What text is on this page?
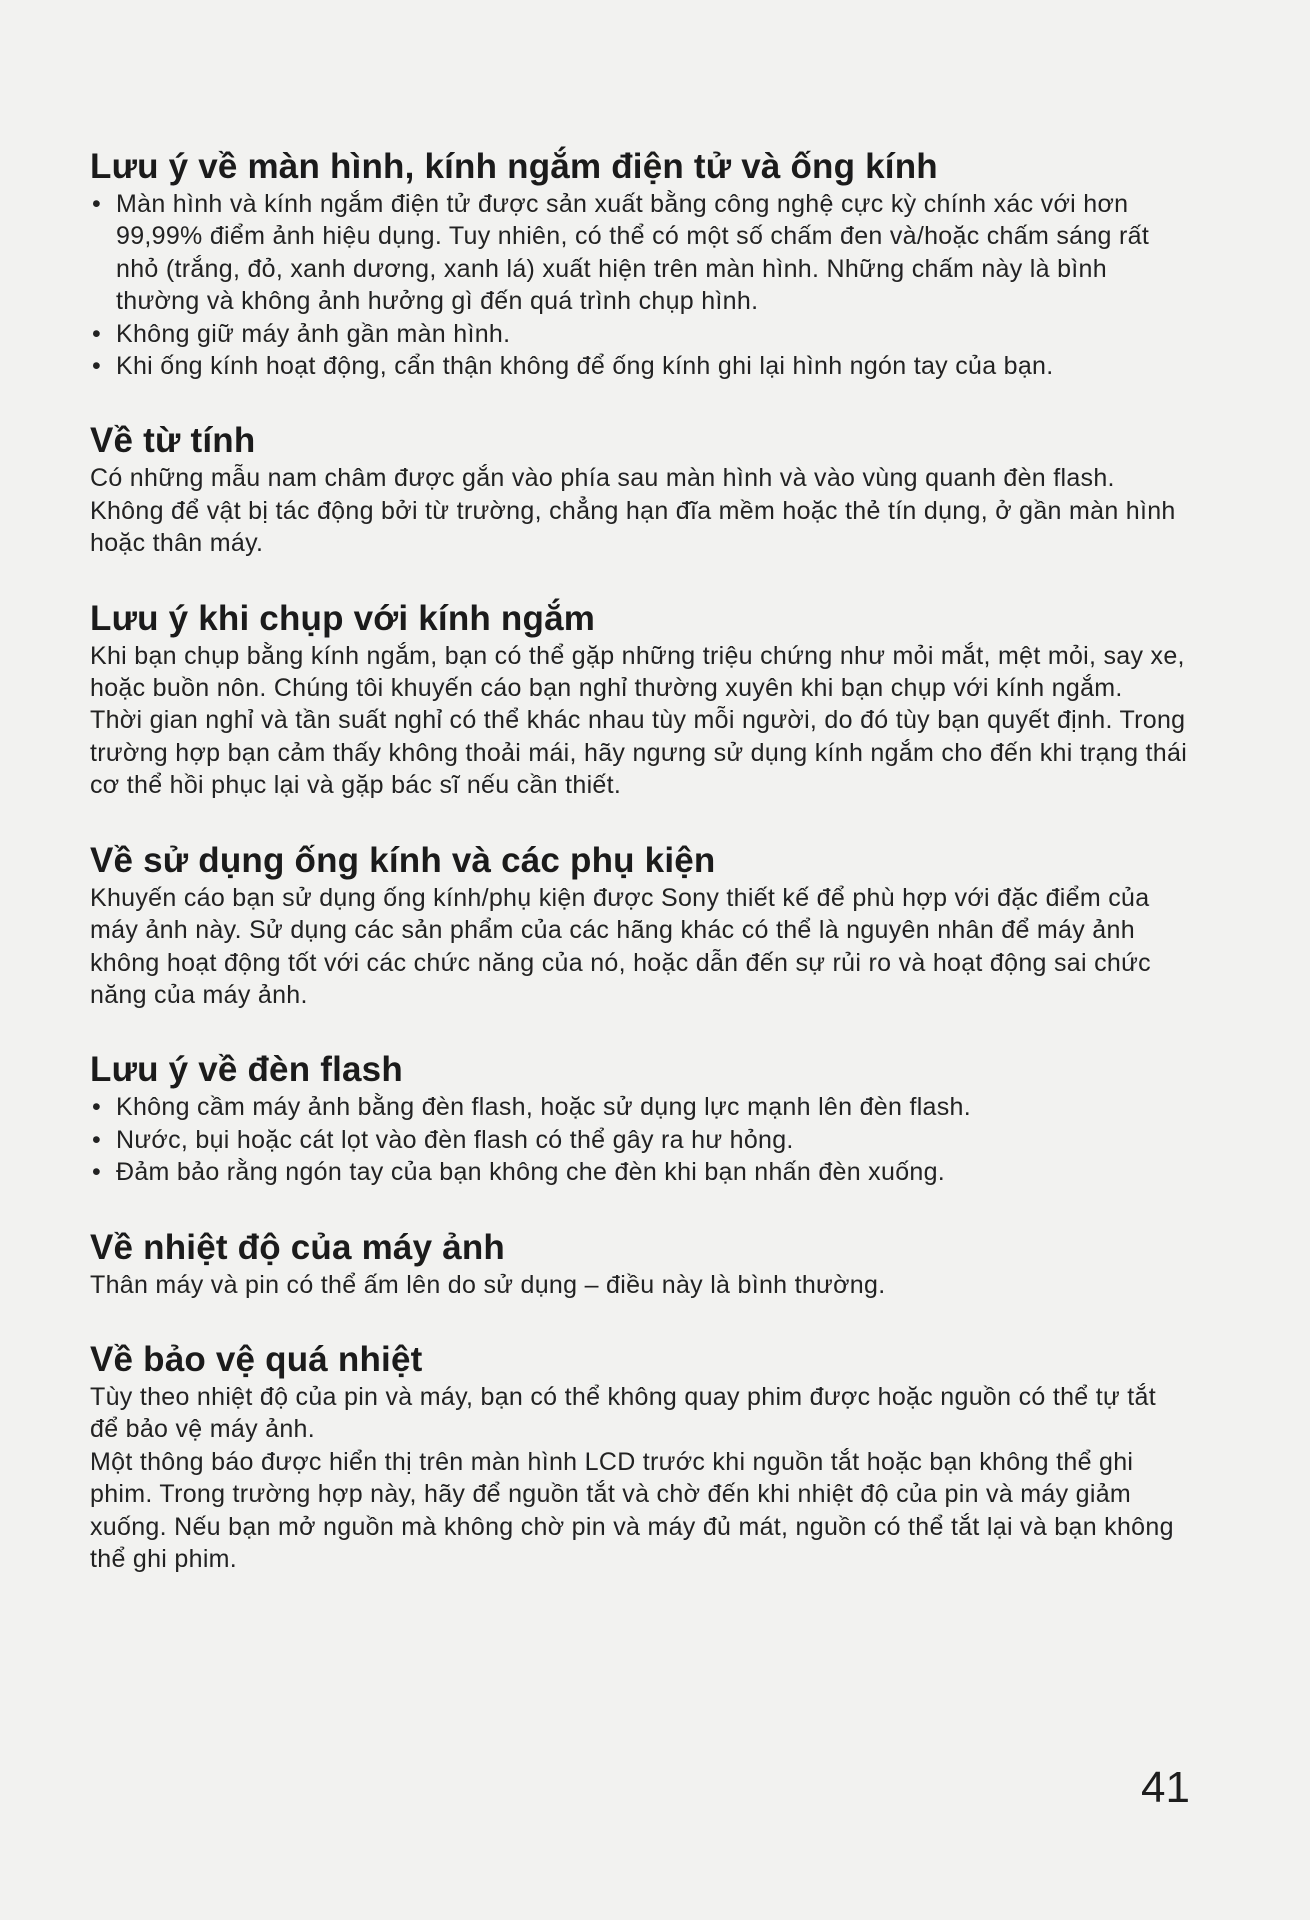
Lưu ý về màn hình, kính ngắm điện tử và ống kính
• Màn hình và kính ngắm điện tử được sản xuất bằng công nghệ cực kỳ chính xác với hơn 99,99% điểm ảnh hiệu dụng. Tuy nhiên, có thể có một số chấm đen và/hoặc chấm sáng rất nhỏ (trắng, đỏ, xanh dương, xanh lá) xuất hiện trên màn hình. Những chấm này là bình thường và không ảnh hưởng gì đến quá trình chụp hình.
• Không giữ máy ảnh gần màn hình.
• Khi ống kính hoạt động, cẩn thận không để ống kính ghi lại hình ngón tay của bạn.
Về từ tính

Có những mẫu nam châm được gắn vào phía sau màn hình và vào vùng quanh đèn flash. Không để vật bị tác động bởi từ trường, chẳng hạn đĩa mềm hoặc thẻ tín dụng, ở gần màn hình hoặc thân máy.

Lưu ý khi chụp với kính ngắm

Khi bạn chụp bằng kính ngắm, bạn có thể gặp những triệu chứng như mỏi mắt, mệt mỏi, say xe, hoặc buồn nôn. Chúng tôi khuyến cáo bạn nghỉ thường xuyên khi bạn chụp với kính ngắm.

Thời gian nghỉ và tần suất nghỉ có thể khác nhau tùy mỗi người, do đó tùy bạn quyết định. Trong trường hợp bạn cảm thấy không thoải mái, hãy ngưng sử dụng kính ngắm cho đến khi trạng thái cơ thể hồi phục lại và gặp bác sĩ nếu cần thiết.

Về sử dụng ống kính và các phụ kiện

Khuyến cáo bạn sử dụng ống kính/phụ kiện được Sony thiết kế để phù hợp với đặc điểm của máy ảnh này. Sử dụng các sản phẩm của các hãng khác có thể là nguyên nhân để máy ảnh không hoạt động tốt với các chức năng của nó, hoặc dẫn đến sự rủi ro và hoạt động sai chức năng của máy ảnh.

Lưu ý về đèn flash
• Không cầm máy ảnh bằng đèn flash, hoặc sử dụng lực mạnh lên đèn flash.
• Nước, bụi hoặc cát lọt vào đèn flash có thể gây ra hư hỏng.
• Đảm bảo rằng ngón tay của bạn không che đèn khi bạn nhấn đèn xuống.
Về nhiệt độ của máy ảnh

Thân máy và pin có thể ấm lên do sử dụng – điều này là bình thường.

Về bảo vệ quá nhiệt

Tùy theo nhiệt độ của pin và máy, bạn có thể không quay phim được hoặc nguồn có thể tự tắt để bảo vệ máy ảnh.

Một thông báo được hiển thị trên màn hình LCD trước khi nguồn tắt hoặc bạn không thể ghi phim. Trong trường hợp này, hãy để nguồn tắt và chờ đến khi nhiệt độ của pin và máy giảm xuống. Nếu bạn mở nguồn mà không chờ pin và máy đủ mát, nguồn có thể tắt lại và bạn không thể ghi phim.

41
